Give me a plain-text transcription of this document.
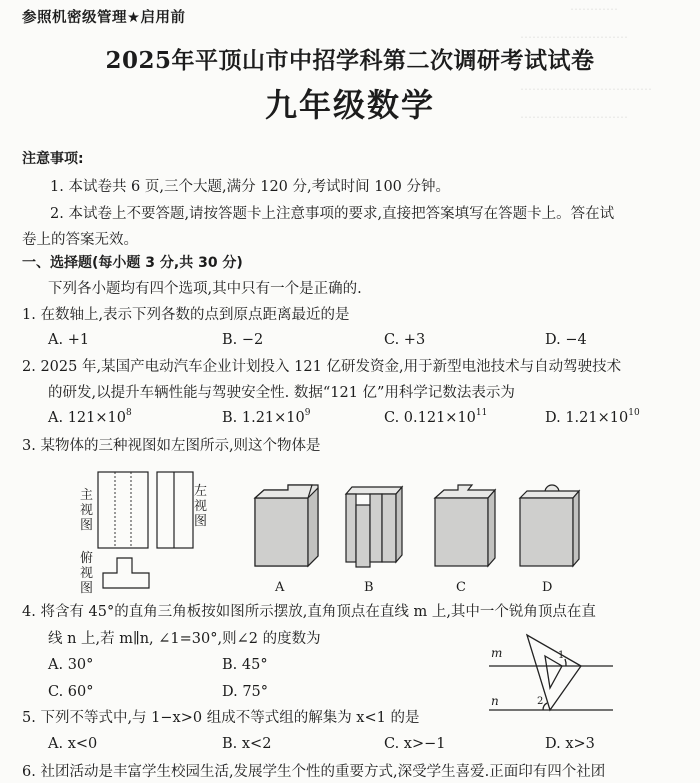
⋯⋯⋯⋯
⋯⋯⋯⋯⋯⋯⋯⋯⋯
⋯⋯⋯⋯⋯⋯⋯⋯⋯⋯⋯
⋯⋯⋯⋯⋯⋯⋯⋯⋯
参照机密级管理★启用前
2025年平顶山市中招学科第二次调研考试试卷
九年级数学
注意事项:
1. 本试卷共 6 页,三个大题,满分 120 分,考试时间 100 分钟。
2. 本试卷上不要答题,请按答题卡上注意事项的要求,直接把答案填写在答题卡上。答在试
卷上的答案无效。
一、选择题(每小题 3 分,共 30 分)
下列各小题均有四个选项,其中只有一个是正确的.
1. 在数轴上,表示下列各数的点到原点距离最近的是
A. +1	B. −2	C. +3	D. −4
2. 2025 年,某国产电动汽车企业计划投入 121 亿研发资金,用于新型电池技术与自动驾驶技术
的研发,以提升车辆性能与驾驶安全性. 数据“121 亿”用科学记数法表示为
A. $121\times 10^8$	B. $1.21\times 10^9$	C. $0.121\times 10^{11}$	D. $1.21\times 10^{10}$
3. 某物体的三种视图如左图所示,则这个物体是
主视图
左视图
俯视图	A	B	C	D
4. 将含有 45°的直角三角板按如图所示摆放,直角顶点在直线 m 上,其中一个锐角顶点在直
线 n 上,若 m∥n, ∠1=30°,则∠2 的度数为
A. 30°	B. 45°
C. 60°	D. 75°
m
n
1
2
5. 下列不等式中,与 1−x>0 组成不等式组的解集为 x<1 的是
A. x<0	B. x<2	C. x>−1	D. x>3
6. 社团活动是丰富学生校园生活,发展学生个性的重要方式,深受学生喜爱.正面印有四个社团
